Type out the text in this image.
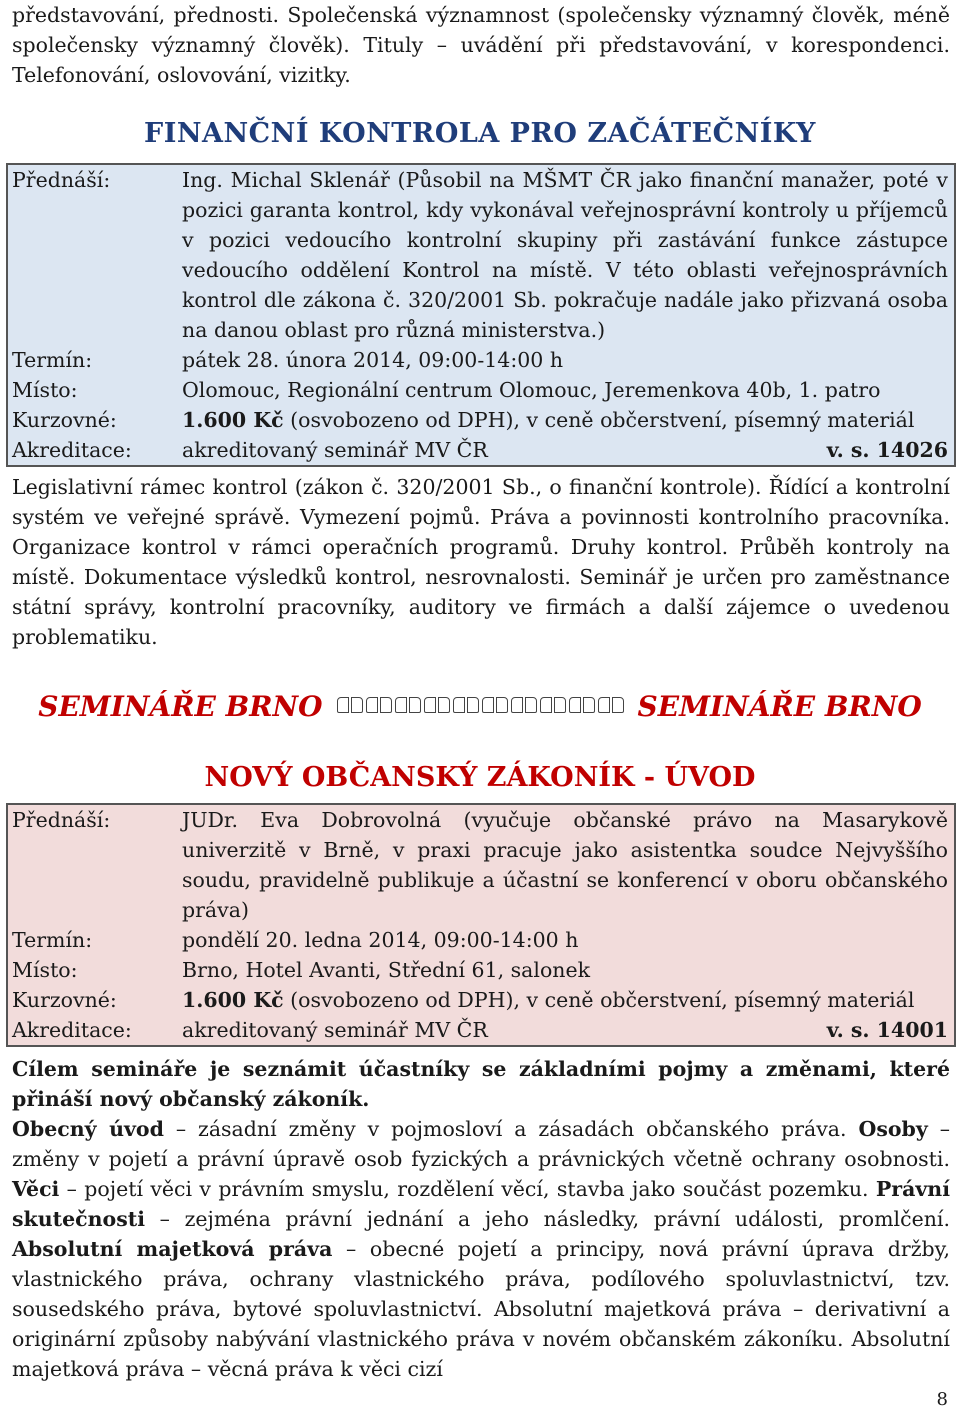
představování, přednosti. Společenská významnost (společensky významný člověk, méně společensky významný člověk). Tituly – uvádění při představování, v korespondenci. Telefonování, oslovování, vizitky.

FINANČNÍ KONTROLA PRO ZAČÁTEČNÍKY
Přednáší:	Ing. Michal Sklenář (Působil na MŠMT ČR jako finanční manažer, poté v pozici garanta kontrol, kdy vykonával veřejnosprávní kontroly u příjemců v pozici vedoucího kontrolní skupiny při zastávání funkce zástupce vedoucího oddělení Kontrol na místě. V této oblasti veřejnosprávních kontrol dle zákona č. 320/2001 Sb. pokračuje nadále jako přizvaná osoba na danou oblast pro různá ministerstva.)
Termín:	pátek 28. února 2014, 09:00-14:00 h
Místo:	Olomouc, Regionální centrum Olomouc, Jeremenkova 40b, 1. patro
Kurzovné:	1.600 Kč (osvobozeno od DPH), v ceně občerstvení, písemný materiál
Akreditace:	akreditovaný seminář MV ČR	v. s. 14026

Legislativní rámec kontrol (zákon č. 320/2001 Sb., o finanční kontrole). Řídící a kontrolní systém ve veřejné správě. Vymezení pojmů. Práva a povinnosti kontrolního pracovníka. Organizace kontrol v rámci operačních programů. Druhy kontrol. Průběh kontroly na místě. Dokumentace výsledků kontrol, nesrovnalosti. Seminář je určen pro zaměstnance státní správy, kontrolní pracovníky, auditory ve firmách a další zájemce o uvedenou problematiku.

SEMINÁŘE BRNO	SEMINÁŘE BRNO
NOVÝ OBČANSKÝ ZÁKONÍK - ÚVOD
Přednáší:	JUDr. Eva Dobrovolná (vyučuje občanské právo na Masarykově univerzitě v Brně, v praxi pracuje jako asistentka soudce Nejvyššího soudu, pravidelně publikuje a účastní se konferencí v oboru občanského práva)
Termín:	pondělí 20. ledna 2014, 09:00-14:00 h
Místo:	Brno, Hotel Avanti, Střední 61, salonek
Kurzovné:	1.600 Kč (osvobozeno od DPH), v ceně občerstvení, písemný materiál
Akreditace:	akreditovaný seminář MV ČR	v. s. 14001

Cílem semináře je seznámit účastníky se základními pojmy a změnami, které přináší nový občanský zákoník.

Obecný úvod – zásadní změny v pojmosloví a zásadách občanského práva. Osoby – změny v pojetí a právní úpravě osob fyzických a právnických včetně ochrany osobnosti. Věci – pojetí věci v právním smyslu, rozdělení věcí, stavba jako součást pozemku. Právní skutečnosti – zejména právní jednání a jeho následky, právní události, promlčení. Absolutní majetková práva – obecné pojetí a principy, nová právní úprava držby, vlastnického práva, ochrany vlastnického práva, podílového spoluvlastnictví, tzv. sousedského práva, bytové spoluvlastnictví. Absolutní majetková práva – derivativní a originární způsoby nabývání vlastnického práva v novém občanském zákoníku. Absolutní majetková práva – věcná práva k věci cizí

8
